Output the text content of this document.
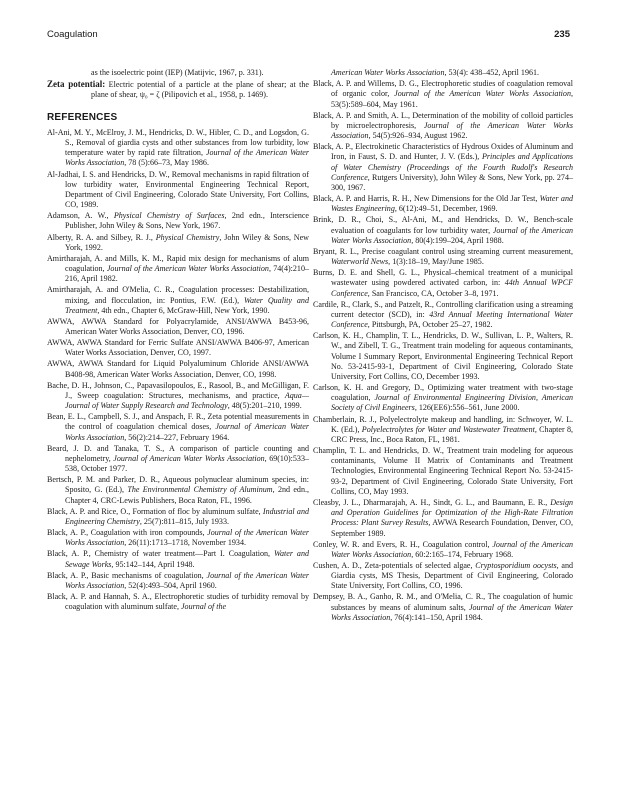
Coagulation	235

as the isoelectric point (IEP) (Matijvic, 1967, p. 331).

Zeta potential: Electric potential of a particle at the plane of shear; at the plane of shear, ψ₀ = ζ (Pilipovich et al., 1958, p. 1469).

REFERENCES

Al-Ani, M. Y., McElroy, J. M., Hendricks, D. W., Hibler, C. D., and Logsdon, G. S., Removal of giardia cysts and other substances from low turbidity, low temperature water by rapid rate filtration, Journal of the American Water Works Association, 78 (5):66–73, May 1986.

Al-Jadhai, I. S. and Hendricks, D. W., Removal mechanisms in rapid filtration of low turbidity water, Environmental Engineering Technical Report, Department of Civil Engineering, Colorado State University, Fort Collins, CO, 1989.

Adamson, A. W., Physical Chemistry of Surfaces, 2nd edn., Interscience Publisher, John Wiley & Sons, New York, 1967.

Alberty, R. A. and Silbey, R. J., Physical Chemistry, John Wiley & Sons, New York, 1992.

Amirtharajah, A. and Mills, K. M., Rapid mix design for mechanisms of alum coagulation, Journal of the American Water Works Association, 74(4):210–216, April 1982.

Amirtharajah, A. and O'Melia, C. R., Coagulation processes: Destabilization, mixing, and flocculation, in: Pontius, F.W. (Ed.), Water Quality and Treatment, 4th edn., Chapter 6, McGraw-Hill, New York, 1990.

AWWA, AWWA Standard for Polyacrylamide, ANSI/AWWA B453-96, American Water Works Association, Denver, CO, 1996.

AWWA, AWWA Standard for Ferric Sulfate ANSI/AWWA B406-97, American Water Works Association, Denver, CO, 1997.

AWWA, AWWA Standard for Liquid Polyaluminum Chloride ANSI/AWWA B408-98, American Water Works Association, Denver, CO, 1998.

Bache, D. H., Johnson, C., Papavasilopoulos, E., Rasool, B., and McGilligan, F. J., Sweep coagulation: Structures, mechanisms, and practice, Aqua—Journal of Water Supply Research and Technology, 48(5):201–210, 1999.

Bean, E. L., Campbell, S. J., and Anspach, F. R., Zeta potential measurements in the control of coagulation chemical doses, Journal of American Water Works Association, 56(2):214–227, February 1964.

Beard, J. D. and Tanaka, T. S., A comparison of particle counting and nephelometry, Journal of American Water Works Association, 69(10):533–538, October 1977.

Bertsch, P. M. and Parker, D. R., Aqueous polynuclear aluminum species, in: Sposito, G. (Ed.), The Environmental Chemistry of Aluminum, 2nd edn., Chapter 4, CRC-Lewis Publishers, Boca Raton, FL, 1996.

Black, A. P. and Rice, O., Formation of floc by aluminum sulfate, Industrial and Engineering Chemistry, 25(7):811–815, July 1933.

Black, A. P., Coagulation with iron compounds, Journal of the American Water Works Association, 26(11):1713–1718, November 1934.

Black, A. P., Chemistry of water treatment—Part I. Coagulation, Water and Sewage Works, 95:142–144, April 1948.

Black, A. P., Basic mechanisms of coagulation, Journal of the American Water Works Association, 52(4):493–504, April 1960.

Black, A. P. and Hannah, S. A., Electrophoretic studies of turbidity removal by coagulation with aluminum sulfate, Journal of the

American Water Works Association, 53(4): 438–452, April 1961.

Black, A. P. and Willems, D. G., Electrophoretic studies of coagulation removal of organic color, Journal of the American Water Works Association, 53(5):589–604, May 1961.

Black, A. P. and Smith, A. L., Determination of the mobility of colloid particles by microelectrophoresis, Journal of the American Water Works Association, 54(5):926–934, August 1962.

Black, A. P., Electrokinetic Characteristics of Hydrous Oxides of Aluminum and Iron, in Faust, S. D. and Hunter, J. V. (Eds.), Principles and Applications of Water Chemistry (Proceedings of the Fourth Rudolf's Research Conference, Rutgers University), John Wiley & Sons, New York, pp. 274–300, 1967.

Black, A. P. and Harris, R. H., New Dimensions for the Old Jar Test, Water and Wastes Engineering, 6(12):49–51, December, 1969.

Brink, D. R., Choi, S., Al-Ani, M., and Hendricks, D. W., Bench-scale evaluation of coagulants for low turbidity water, Journal of the American Water Works Association, 80(4):199–204, April 1988.

Bryant, R. L., Precise coagulant control using streaming current measurement, Waterworld News, 1(3):18–19, May/June 1985.

Burns, D. E. and Shell, G. L., Physical–chemical treatment of a municipal wastewater using powdered activated carbon, in: 44th Annual WPCF Conference, San Francisco, CA, October 3–8, 1971.

Cardile, R., Clark, S., and Patzelt, R., Controlling clarification using a streaming current detector (SCD), in: 43rd Annual Meeting International Water Conference, Pittsburgh, PA, October 25–27, 1982.

Carlson, K. H., Champlin, T. L., Hendricks, D. W., Sullivan, L. P., Walters, R. W., and Zibell, T. G., Treatment train modeling for aqueous contaminants, Volume I Summary Report, Environmental Engineering Technical Report No. 53-2415-93-1, Department of Civil Engineering, Colorado State University, Fort Collins, CO, December 1993.

Carlson, K. H. and Gregory, D., Optimizing water treatment with two-stage coagulation, Journal of Environmental Engineering Division, American Society of Civil Engineers, 126(EE6):556–561, June 2000.

Chamberlain, R. J., Polyelectrolyte makeup and handling, in: Schwoyer, W. L. K. (Ed.), Polyelectrolytes for Water and Wastewater Treatment, Chapter 8, CRC Press, Inc., Boca Raton, FL, 1981.

Champlin, T. L. and Hendricks, D. W., Treatment train modeling for aqueous contaminants, Volume II Matrix of Contaminants and Treatment Technologies, Environmental Engineering Technical Report No. 53-2415-93-2, Department of Civil Engineering, Colorado State University, Fort Collins, CO, May 1993.

Cleasby, J. L., Dharmarajah, A. H., Sindt, G. L., and Baumann, E. R., Design and Operation Guidelines for Optimization of the High-Rate Filtration Process: Plant Survey Results, AWWA Research Foundation, Denver, CO, September 1989.

Conley, W. R. and Evers, R. H., Coagulation control, Journal of the American Water Works Association, 60:2:165–174, February 1968.

Cushen, A. D., Zeta-potentials of selected algae, Cryptosporidium oocysts, and Giardia cysts, MS Thesis, Department of Civil Engineering, Colorado State University, Fort Collins, CO, 1996.

Dempsey, B. A., Ganho, R. M., and O'Melia, C. R., The coagulation of humic substances by means of aluminum salts, Journal of the American Water Works Association, 76(4):141–150, April 1984.
